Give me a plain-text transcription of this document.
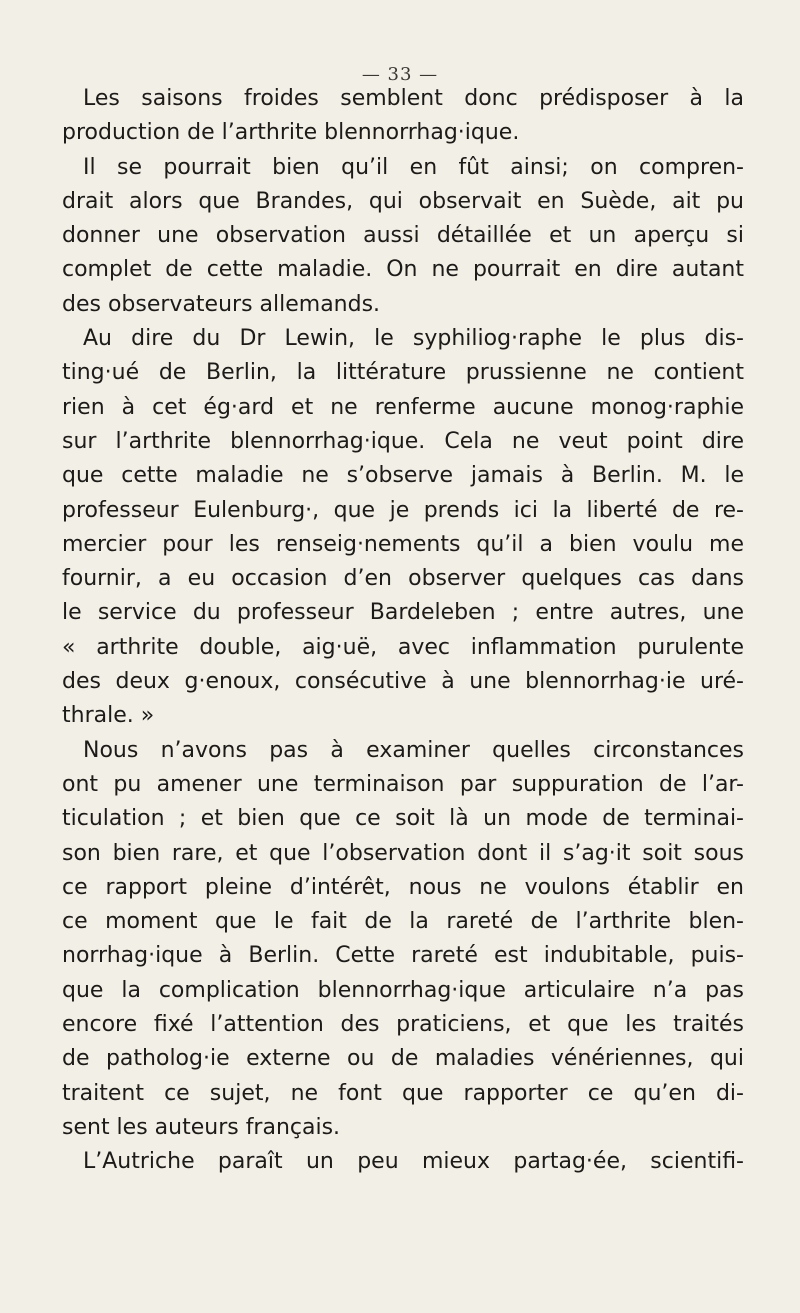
— 33 —
Les saisons froides semblent donc prédisposer à la
production de l’arthrite blennorrhag·ique.
Il se pourrait bien qu’il en fût ainsi; on compren-
drait alors que Brandes, qui observait en Suède, ait pu
donner une observation aussi détaillée et un aperçu si
complet de cette maladie. On ne pourrait en dire autant
des observateurs allemands.
Au dire du Dr Lewin, le syphiliog·raphe le plus dis-
ting·ué de Berlin, la littérature prussienne ne contient
rien à cet ég·ard et ne renferme aucune monog·raphie
sur l’arthrite blennorrhag·ique. Cela ne veut point dire
que cette maladie ne s’observe jamais à Berlin. M. le
professeur Eulenburg·, que je prends ici la liberté de re-
mercier pour les renseig·nements qu’il a bien voulu me
fournir, a eu occasion d’en observer quelques cas dans
le service du professeur Bardeleben ; entre autres, une
« arthrite double, aig·uë, avec inflammation purulente
des deux g·enoux, consécutive à une blennorrhag·ie uré-
thrale. »
Nous n’avons pas à examiner quelles circonstances
ont pu amener une terminaison par suppuration de l’ar-
ticulation ; et bien que ce soit là un mode de terminai-
son bien rare, et que l’observation dont il s’ag·it soit sous
ce rapport pleine d’intérêt, nous ne voulons établir en
ce moment que le fait de la rareté de l’arthrite blen-
norrhag·ique à Berlin. Cette rareté est indubitable, puis-
que la complication blennorrhag·ique articulaire n’a pas
encore fixé l’attention des praticiens, et que les traités
de patholog·ie externe ou de maladies vénériennes, qui
traitent ce sujet, ne font que rapporter ce qu’en di-
sent les auteurs français.
L’Autriche paraît un peu mieux partag·ée, scientifi-
